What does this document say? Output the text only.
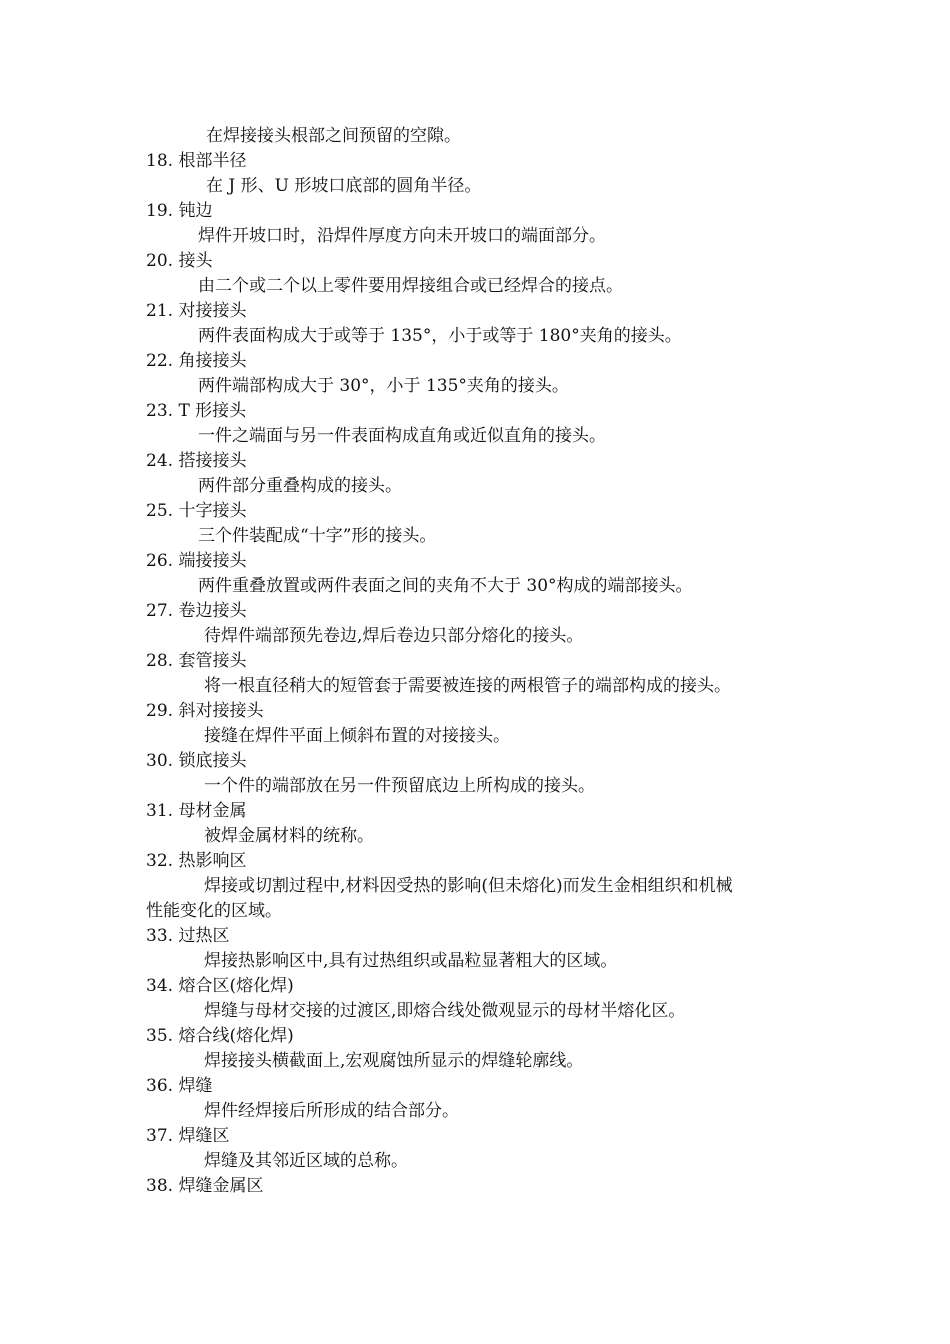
在焊接接头根部之间预留的空隙。
18. 根部半径
在 J 形、U 形坡口底部的圆角半径。
19. 钝边
焊件开坡口时，沿焊件厚度方向未开坡口的端面部分。
20. 接头
由二个或二个以上零件要用焊接组合或已经焊合的接点。
21. 对接接头
两件表面构成大于或等于 135°，小于或等于 180°夹角的接头。
22. 角接接头
两件端部构成大于 30°，小于 135°夹角的接头。
23. T 形接头
一件之端面与另一件表面构成直角或近似直角的接头。
24. 搭接接头
两件部分重叠构成的接头。
25. 十字接头
三个件装配成“十字”形的接头。
26. 端接接头
两件重叠放置或两件表面之间的夹角不大于 30°构成的端部接头。
27. 卷边接头
待焊件端部预先卷边,焊后卷边只部分熔化的接头。
28. 套管接头
将一根直径稍大的短管套于需要被连接的两根管子的端部构成的接头。
29. 斜对接接头
接缝在焊件平面上倾斜布置的对接接头。
30. 锁底接头
一个件的端部放在另一件预留底边上所构成的接头。
31. 母材金属
被焊金属材料的统称。
32. 热影响区
焊接或切割过程中,材料因受热的影响(但未熔化)而发生金相组织和机械
性能变化的区域。
33. 过热区
焊接热影响区中,具有过热组织或晶粒显著粗大的区域。
34. 熔合区(熔化焊)
焊缝与母材交接的过渡区,即熔合线处微观显示的母材半熔化区。
35. 熔合线(熔化焊)
焊接接头横截面上,宏观腐蚀所显示的焊缝轮廓线。
36. 焊缝
焊件经焊接后所形成的结合部分。
37. 焊缝区
焊缝及其邻近区域的总称。
38. 焊缝金属区
